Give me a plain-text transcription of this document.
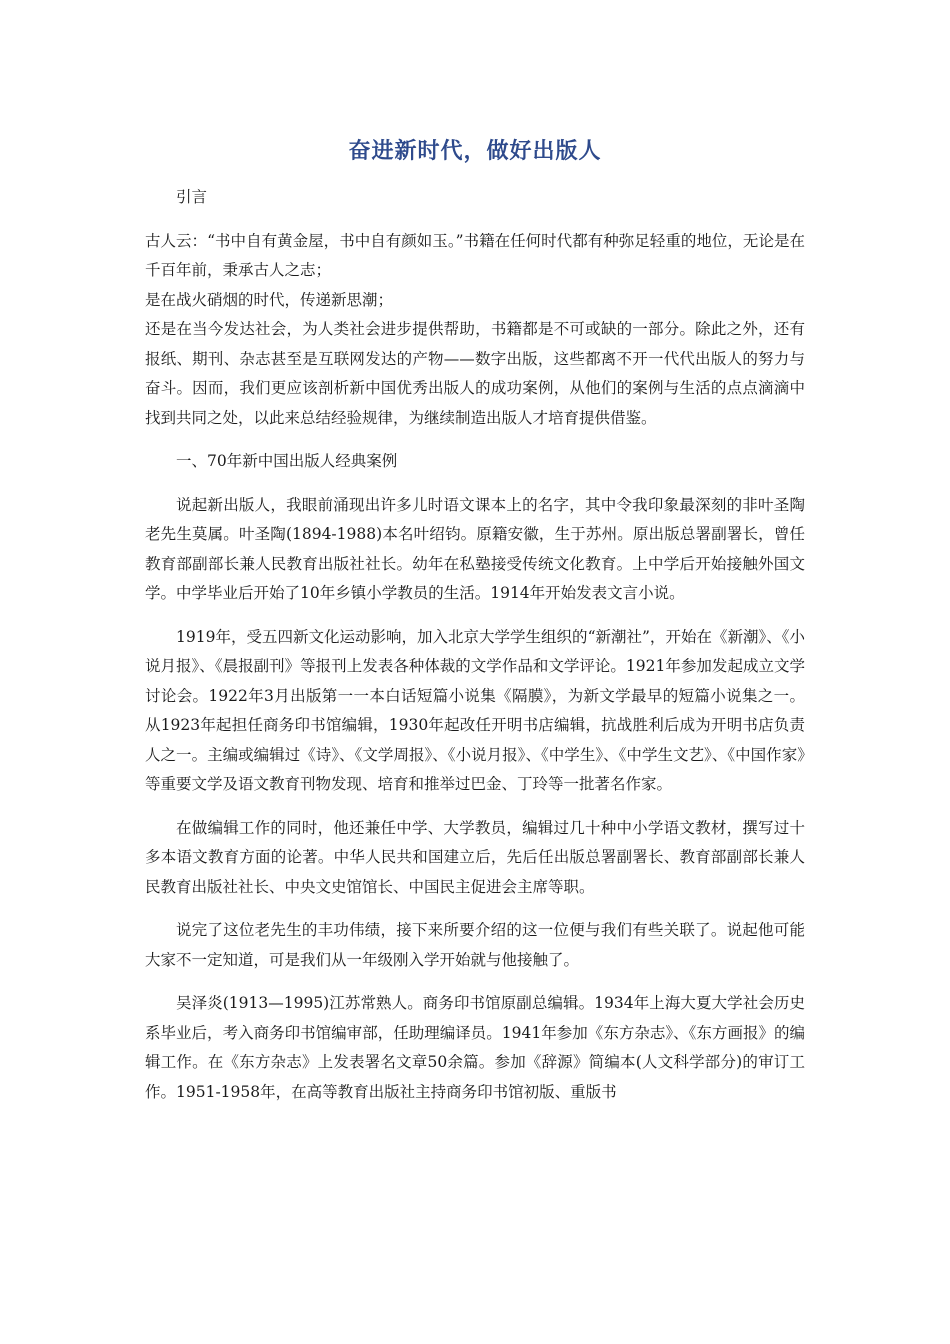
奋进新时代，做好出版人

引言

古人云：“书中自有黄金屋，书中自有颜如玉。”书籍在任何时代都有种弥足轻重的地位，无论是在千百年前，秉承古人之志；

是在战火硝烟的时代，传递新思潮；

还是在当今发达社会，为人类社会进步提供帮助，书籍都是不可或缺的一部分。除此之外，还有报纸、期刊、杂志甚至是互联网发达的产物——数字出版，这些都离不开一代代出版人的努力与奋斗。因而，我们更应该剖析新中国优秀出版人的成功案例，从他们的案例与生活的点点滴滴中找到共同之处，以此来总结经验规律，为继续制造出版人才培育提供借鉴。

一、70年新中国出版人经典案例

说起新出版人，我眼前涌现出许多儿时语文课本上的名字，其中令我印象最深刻的非叶圣陶老先生莫属。叶圣陶(1894-1988)本名叶绍钧。原籍安徽，生于苏州。原出版总署副署长，曾任教育部副部长兼人民教育出版社社长。幼年在私塾接受传统文化教育。上中学后开始接触外国文学。中学毕业后开始了10年乡镇小学教员的生活。1914年开始发表文言小说。

1919年，受五四新文化运动影响，加入北京大学学生组织的“新潮社”，开始在《新潮》、《小说月报》、《晨报副刊》等报刊上发表各种体裁的文学作品和文学评论。1921年参加发起成立文学讨论会。1922年3月出版第一一本白话短篇小说集《隔膜》，为新文学最早的短篇小说集之一。从1923年起担任商务印书馆编辑，1930年起改任开明书店编辑，抗战胜利后成为开明书店负责人之一。主编或编辑过《诗》、《文学周报》、《小说月报》、《中学生》、《中学生文艺》、《中国作家》等重要文学及语文教育刊物发现、培育和推举过巴金、丁玲等一批著名作家。

在做编辑工作的同时，他还兼任中学、大学教员，编辑过几十种中小学语文教材，撰写过十多本语文教育方面的论著。中华人民共和国建立后，先后任出版总署副署长、教育部副部长兼人民教育出版社社长、中央文史馆馆长、中国民主促进会主席等职。

说完了这位老先生的丰功伟绩，接下来所要介绍的这一位便与我们有些关联了。说起他可能大家不一定知道，可是我们从一年级刚入学开始就与他接触了。

吴泽炎(1913—1995)江苏常熟人。商务印书馆原副总编辑。1934年上海大夏大学社会历史系毕业后，考入商务印书馆编审部，任助理编译员。1941年参加《东方杂志》、《东方画报》的编辑工作。在《东方杂志》上发表署名文章50余篇。参加《辞源》简编本(人文科学部分)的审订工作。1951-1958年，在高等教育出版社主持商务印书馆初版、重版书
